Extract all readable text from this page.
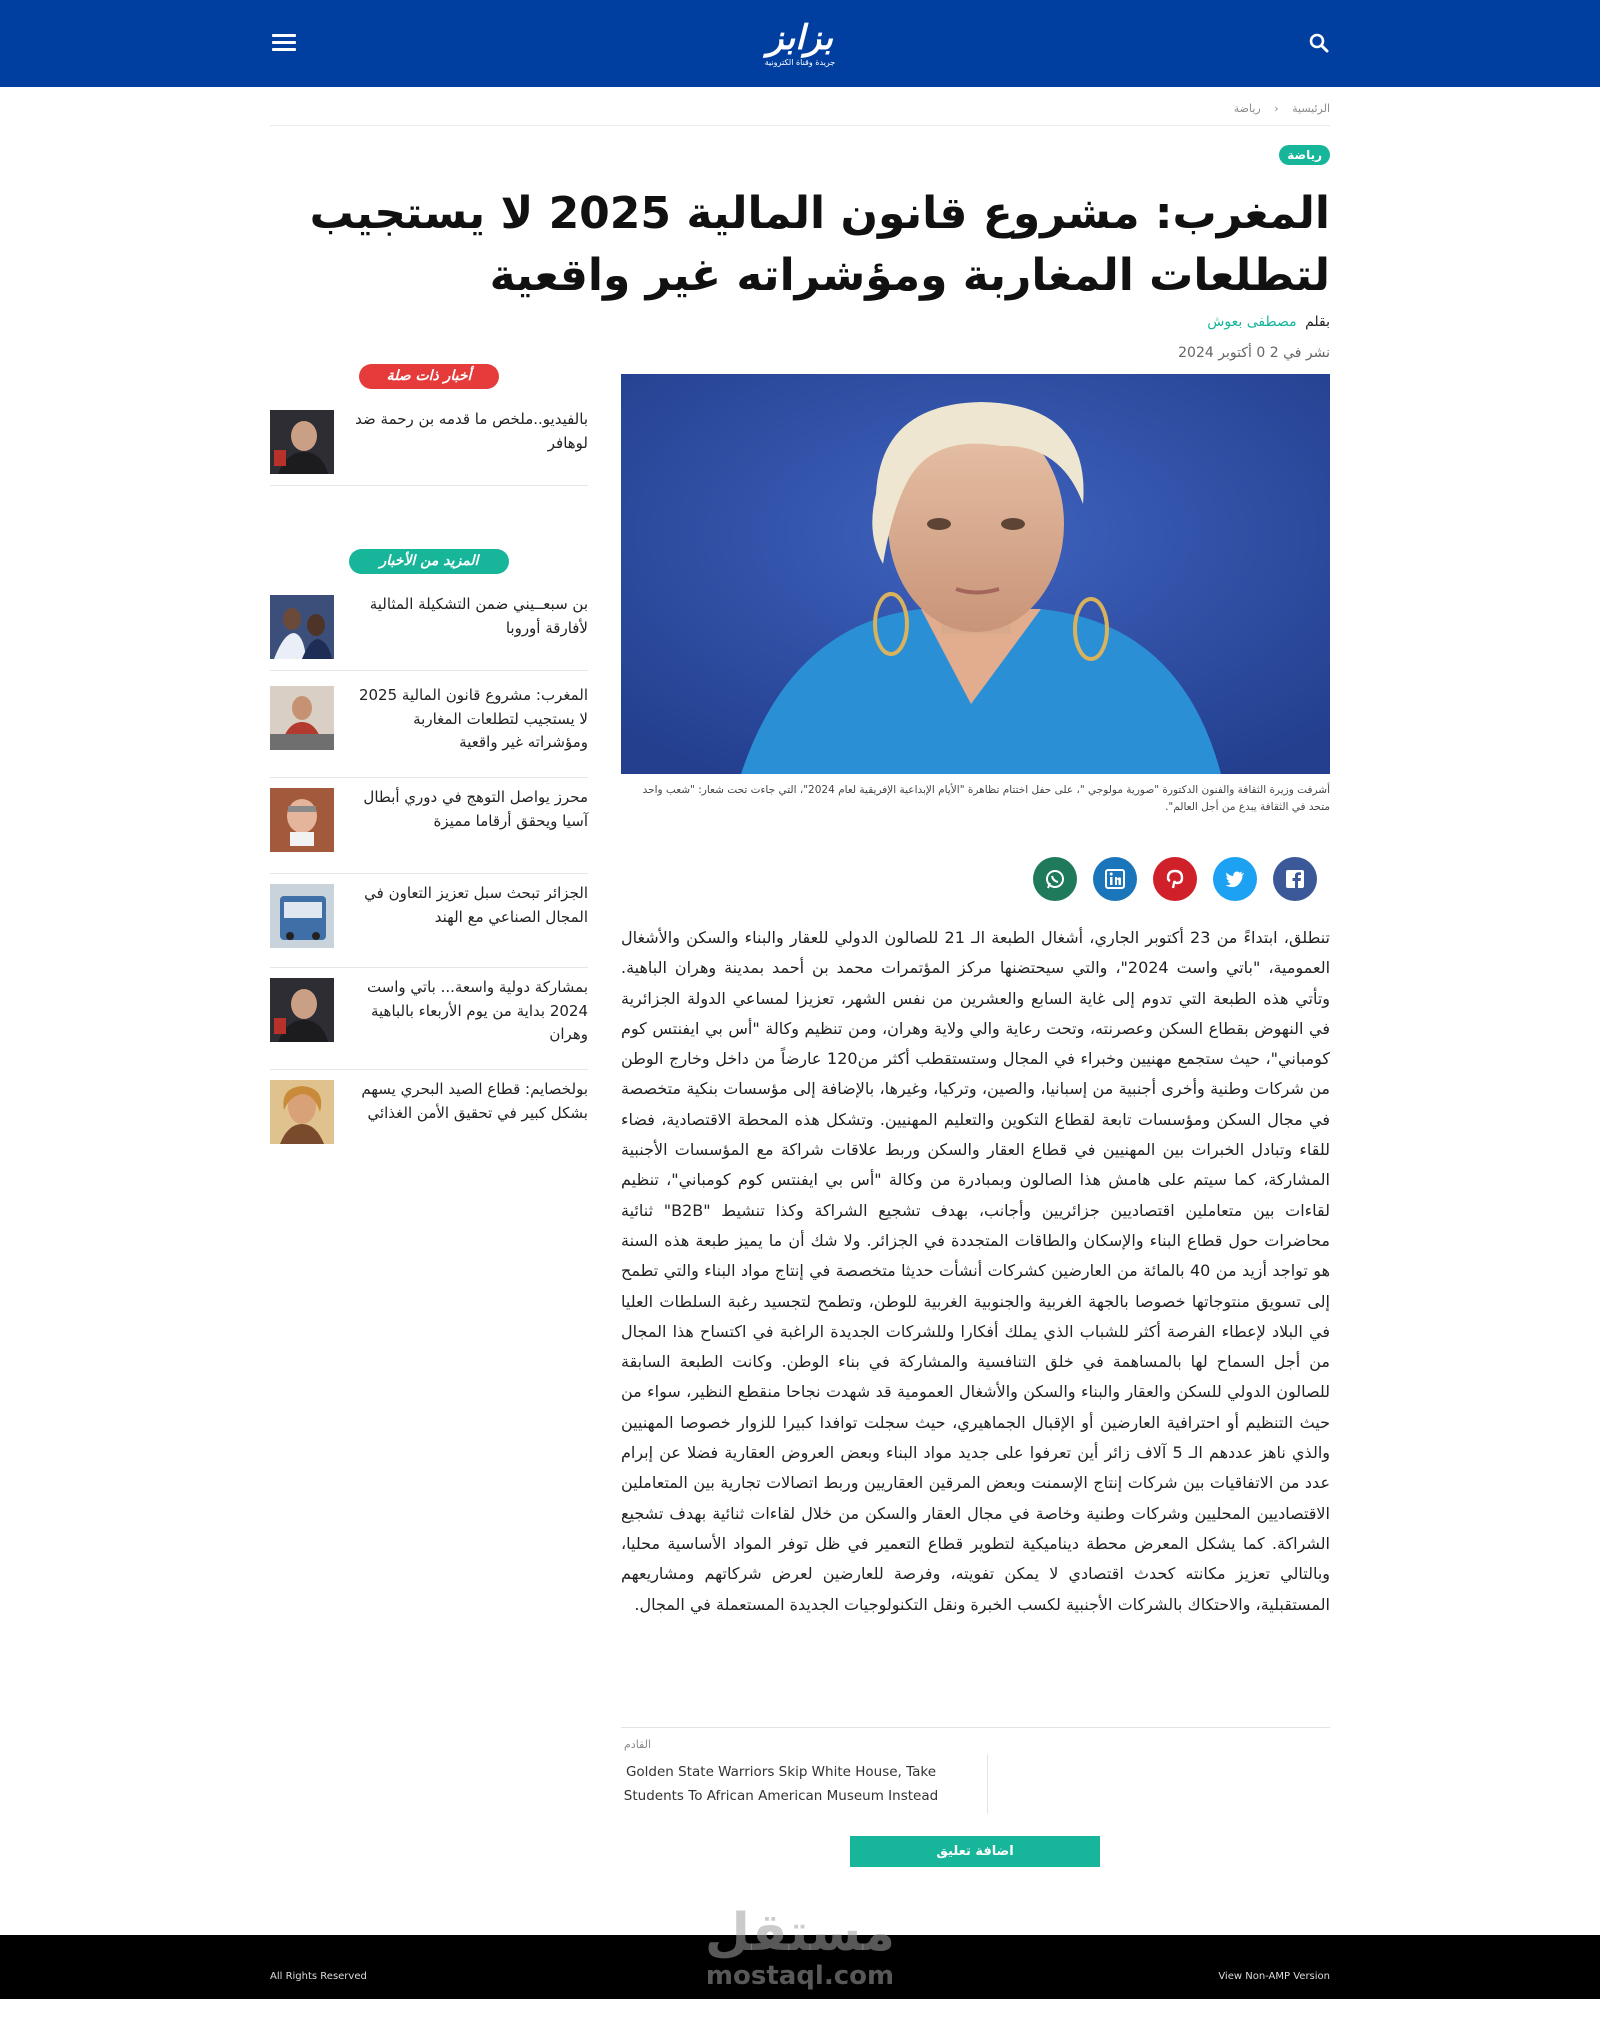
بزابز
جريدة وقناة الكترونية
الرئيسية ‹ رياضة
رياضة
المغرب: مشروع قانون المالية 2025 لا يستجيب لتطلعات المغاربة ومؤشراته غير واقعية
بقلم مصطفى بعوش
نشر في 2 0 أكتوبر 2024
أشرفت وزيرة الثقافة والفنون الدكتورة "صورية مولوجي "، على حفل اختتام تظاهرة "الأيام الإبداعية الإفريقية لعام 2024"، التي جاءت تحت شعار: "شعب واحد متحد في الثقافة يبدع من أجل العالم".
تنطلق، ابتداءً من 23 أكتوبر الجاري، أشغال الطبعة الـ 21 للصالون الدولي للعقار والبناء والسكن والأشغال العمومية، "باتي واست 2024"، والتي سيحتضنها مركز المؤتمرات محمد بن أحمد بمدينة وهران الباهية. وتأتي هذه الطبعة التي تدوم إلى غاية السابع والعشرين من نفس الشهر، تعزيزا لمساعي الدولة الجزائرية في النهوض بقطاع السكن وعصرنته، وتحت رعاية والي ولاية وهران، ومن تنظيم وكالة "أس بي ايفنتس كوم كومباني"، حيث ستجمع مهنيين وخبراء في المجال وستستقطب أكثر من120 عارضاً من داخل وخارج الوطن من شركات وطنية وأخرى أجنبية من إسبانيا، والصين، وتركيا، وغيرها، بالإضافة إلى مؤسسات بنكية متخصصة في مجال السكن ومؤسسات تابعة لقطاع التكوين والتعليم المهنيين. وتشكل هذه المحطة الاقتصادية، فضاء للقاء وتبادل الخبرات بين المهنيين في قطاع العقار والسكن وربط علاقات شراكة مع المؤسسات الأجنبية المشاركة، كما سيتم على هامش هذا الصالون وبمبادرة من وكالة "أس بي ايفنتس كوم كومباني"، تنظيم لقاءات بين متعاملين اقتصاديين جزائريين وأجانب، بهدف تشجيع الشراكة وكذا تنشيط "B2B" ثنائية محاضرات حول قطاع البناء والإسكان والطاقات المتجددة في الجزائر. ولا شك أن ما يميز طبعة هذه السنة هو تواجد أزيد من 40 بالمائة من العارضين كشركات أنشأت حديثا متخصصة في إنتاج مواد البناء والتي تطمح إلى تسويق منتوجاتها خصوصا بالجهة الغربية والجنوبية الغربية للوطن، وتطمح لتجسيد رغبة السلطات العليا في البلاد لإعطاء الفرصة أكثر للشباب الذي يملك أفكارا وللشركات الجديدة الراغبة في اكتساح هذا المجال من أجل السماح لها بالمساهمة في خلق التنافسية والمشاركة في بناء الوطن. وكانت الطبعة السابقة للصالون الدولي للسكن والعقار والبناء والسكن والأشغال العمومية قد شهدت نجاحا منقطع النظير، سواء من حيث التنظيم أو احترافية العارضين أو الإقبال الجماهيري، حيث سجلت توافدا كبيرا للزوار خصوصا المهنيين والذي ناهز عددهم الـ 5 آلاف زائر أين تعرفوا على جديد مواد البناء وبعض العروض العقارية فضلا عن إبرام عدد من الاتفاقيات بين شركات إنتاج الإسمنت وبعض المرقين العقاريين وربط اتصالات تجارية بين المتعاملين الاقتصاديين المحليين وشركات وطنية وخاصة في مجال العقار والسكن من خلال لقاءات ثنائية بهدف تشجيع الشراكة. كما يشكل المعرض محطة ديناميكية لتطوير قطاع التعمير في ظل توفر المواد الأساسية محليا، وبالتالي تعزيز مكانته كحدث اقتصادي لا يمكن تفويته، وفرصة للعارضين لعرض شركاتهم ومشاريعهم المستقبلية، والاحتكاك بالشركات الأجنبية لكسب الخبرة ونقل التكنولوجيات الجديدة المستعملة في المجال.
القادم
Golden State Warriors Skip White House, Take Students To African American Museum Instead
اضافة تعليق
أخبار ذات صلة
بالفيديو..ملخص ما قدمه بن رحمة ضد لوهافر
المزيد من الأخبار
بن سبعــيني ضمن التشكيلة المثالية لأفارقة أوروبا
المغرب: مشروع قانون المالية 2025 لا يستجيب لتطلعات المغاربة ومؤشراته غير واقعية
محرز يواصل التوهج في دوري أبطال آسيا ويحقق أرقاما مميزة
الجزائر تبحث سبل تعزيز التعاون في المجال الصناعي مع الهند
بمشاركة دولية واسعة... باتي واست 2024 بداية من يوم الأربعاء بالباهية وهران
بولخصايم: قطاع الصيد البحري يسهم بشكل كبير في تحقيق الأمن الغذائي
All Rights Reserved	View Non-AMP Version
مستقل
mostaql.com
